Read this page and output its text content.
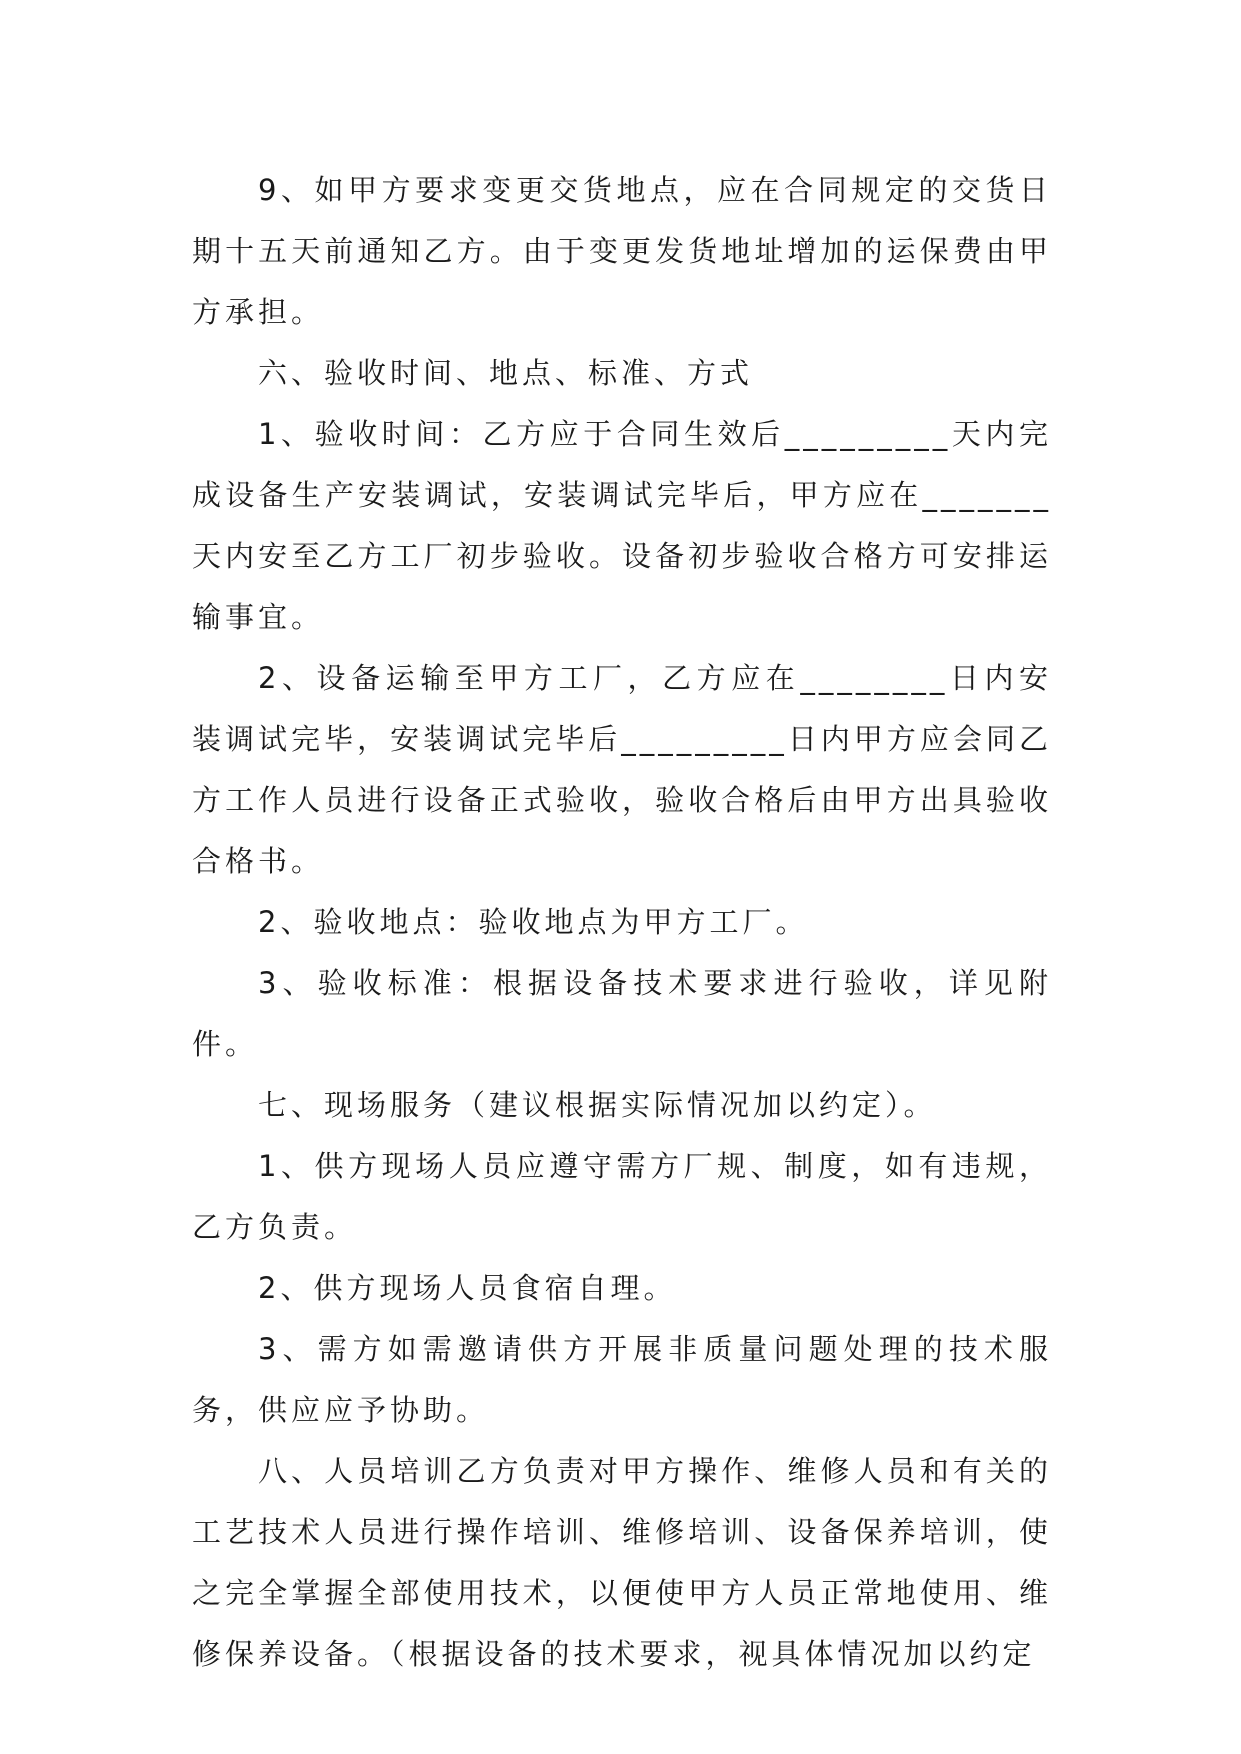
9、如甲方要求变更交货地点，应在合同规定的交货日期十五天前通知乙方。由于变更发货地址增加的运保费由甲方承担。

六、验收时间、地点、标准、方式

1、验收时间：乙方应于合同生效后_________天内完成设备生产安装调试，安装调试完毕后，甲方应在_______天内安至乙方工厂初步验收。设备初步验收合格方可安排运输事宜。

2、设备运输至甲方工厂，乙方应在________日内安装调试完毕，安装调试完毕后_________日内甲方应会同乙方工作人员进行设备正式验收，验收合格后由甲方出具验收合格书。

2、验收地点：验收地点为甲方工厂。

3、验收标准：根据设备技术要求进行验收，详见附件。

七、现场服务（建议根据实际情况加以约定）。

1、供方现场人员应遵守需方厂规、制度，如有违规，乙方负责。

2、供方现场人员食宿自理。

3、需方如需邀请供方开展非质量问题处理的技术服务，供应应予协助。

八、人员培训乙方负责对甲方操作、维修人员和有关的工艺技术人员进行操作培训、维修培训、设备保养培训，使之完全掌握全部使用技术，以便使甲方人员正常地使用、维修保养设备。（根据设备的技术要求，视具体情况加以约定
